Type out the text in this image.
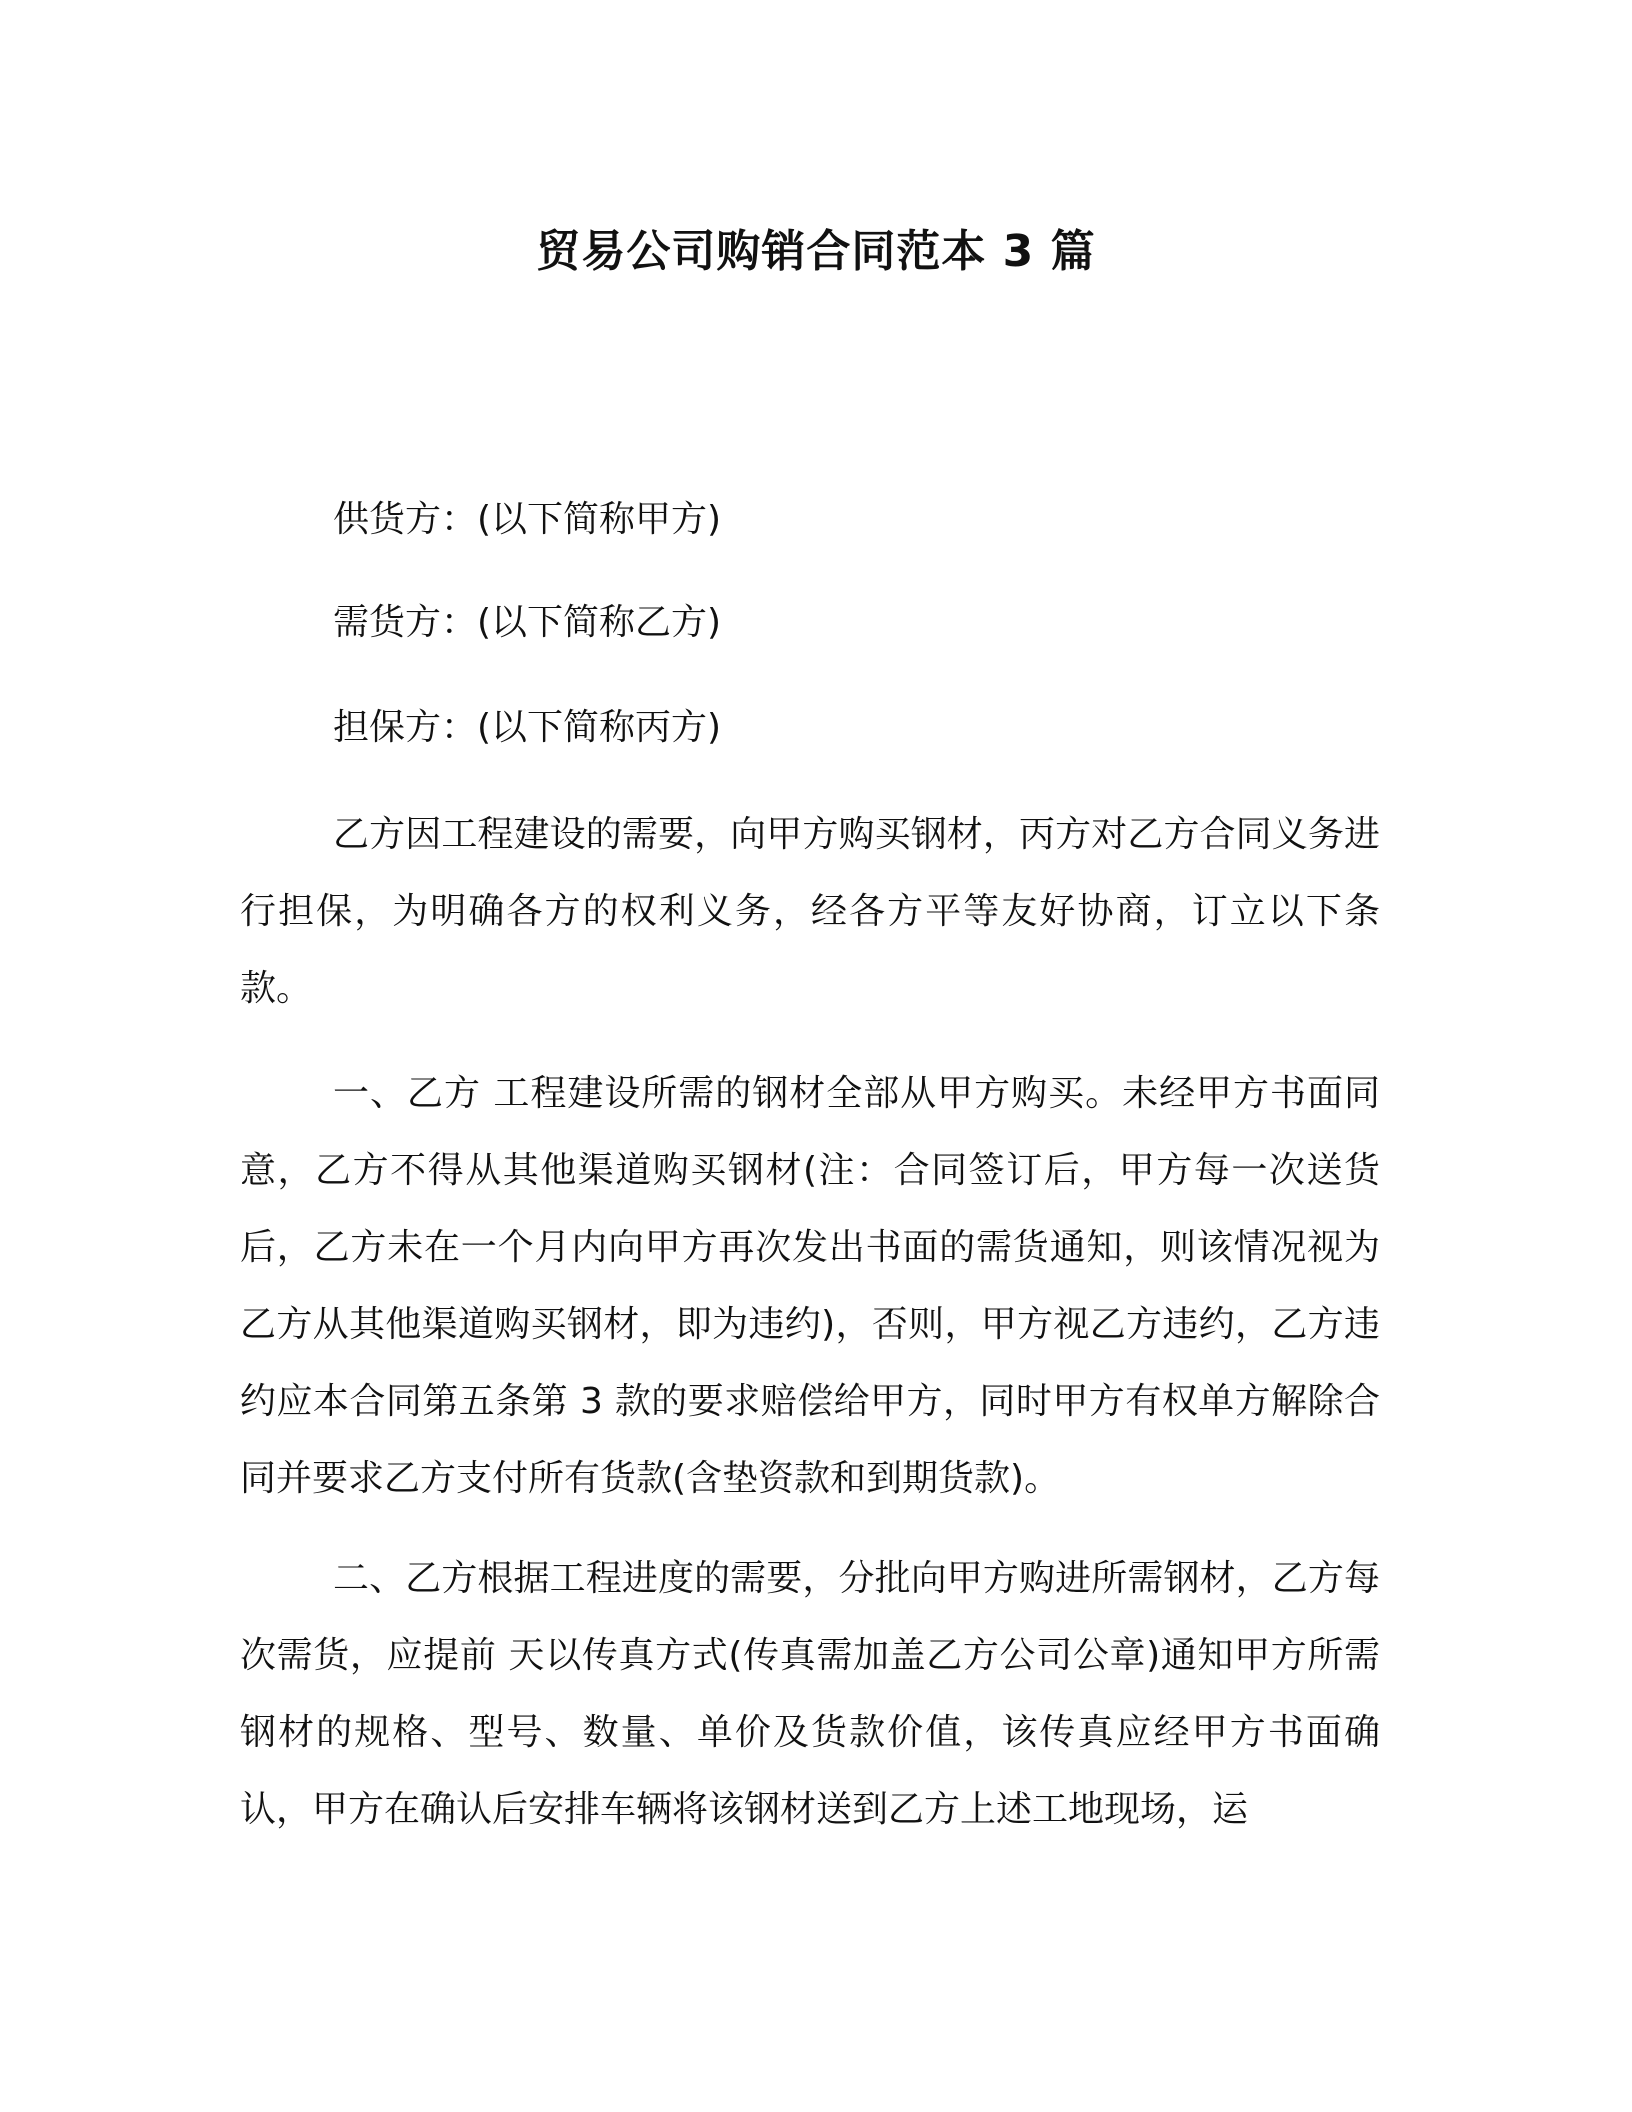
贸易公司购销合同范本 3 篇

供货方：(以下简称甲方)

需货方：(以下简称乙方)

担保方：(以下简称丙方)

乙方因工程建设的需要，向甲方购买钢材，丙方对乙方合同义务进行担保，为明确各方的权利义务，经各方平等友好协商，订立以下条款。

一、乙方 工程建设所需的钢材全部从甲方购买。未经甲方书面同意，乙方不得从其他渠道购买钢材(注：合同签订后，甲方每一次送货后，乙方未在一个月内向甲方再次发出书面的需货通知，则该情况视为乙方从其他渠道购买钢材，即为违约)，否则，甲方视乙方违约，乙方违约应本合同第五条第 3 款的要求赔偿给甲方，同时甲方有权单方解除合同并要求乙方支付所有货款(含垫资款和到期货款)。

二、乙方根据工程进度的需要，分批向甲方购进所需钢材，乙方每次需货，应提前 天以传真方式(传真需加盖乙方公司公章)通知甲方所需钢材的规格、型号、数量、单价及货款价值，该传真应经甲方书面确认，甲方在确认后安排车辆将该钢材送到乙方上述工地现场，运
